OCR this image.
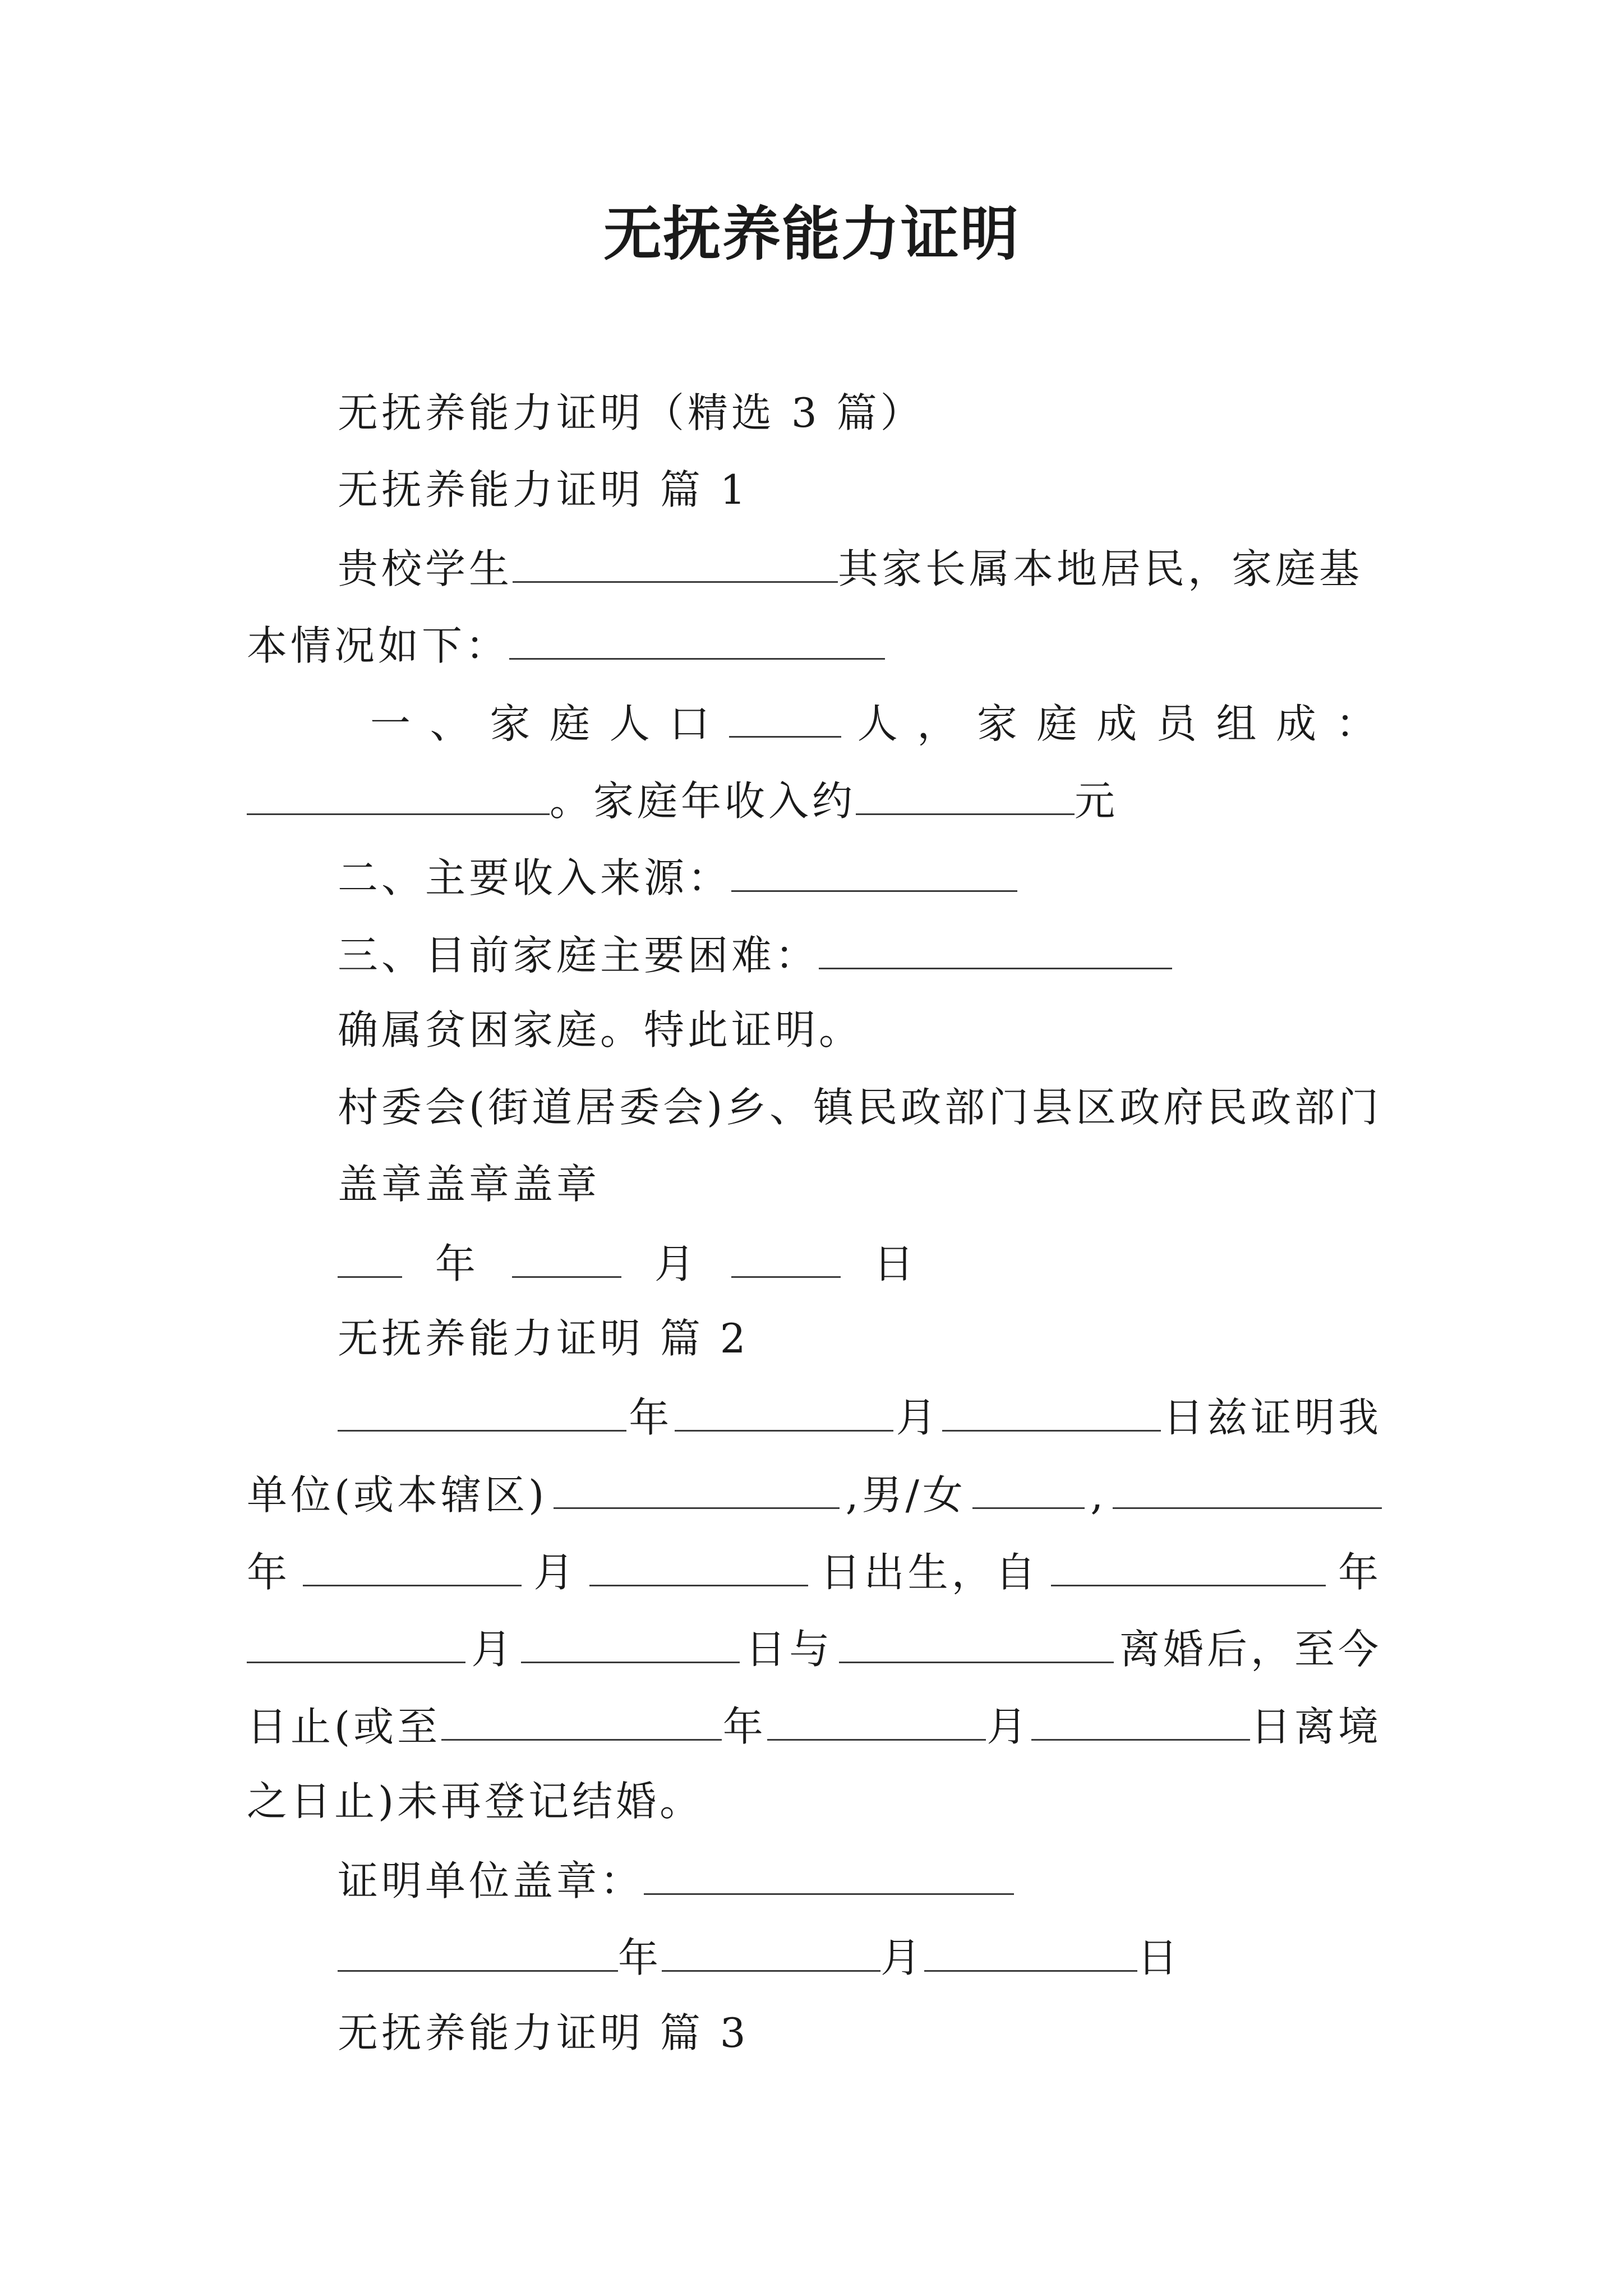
无抚养能力证明
无抚养能力证明（精选 3 篇）
无抚养能力证明 篇 1
贵校学生	其家长属本地居民，家庭基
本情况如下：
一 、 家 庭 人 口	人 ， 家 庭 成 员 组 成 ：
。家庭年收入约	元
二、主要收入来源：
三、目前家庭主要困难：
确属贫困家庭。特此证明。
村委会(街道居委会)乡、镇民政部门县区政府民政部门
盖章盖章盖章
年	月	日
无抚养能力证明 篇 2
年	月	日兹证明我
单位(或本辖区)	,男/女	,
年	月	日出生，自	年
月	日与	离婚后，至今
日止(或至	年	月	日离境
之日止)未再登记结婚。
证明单位盖章：
年	月	日
无抚养能力证明 篇 3
